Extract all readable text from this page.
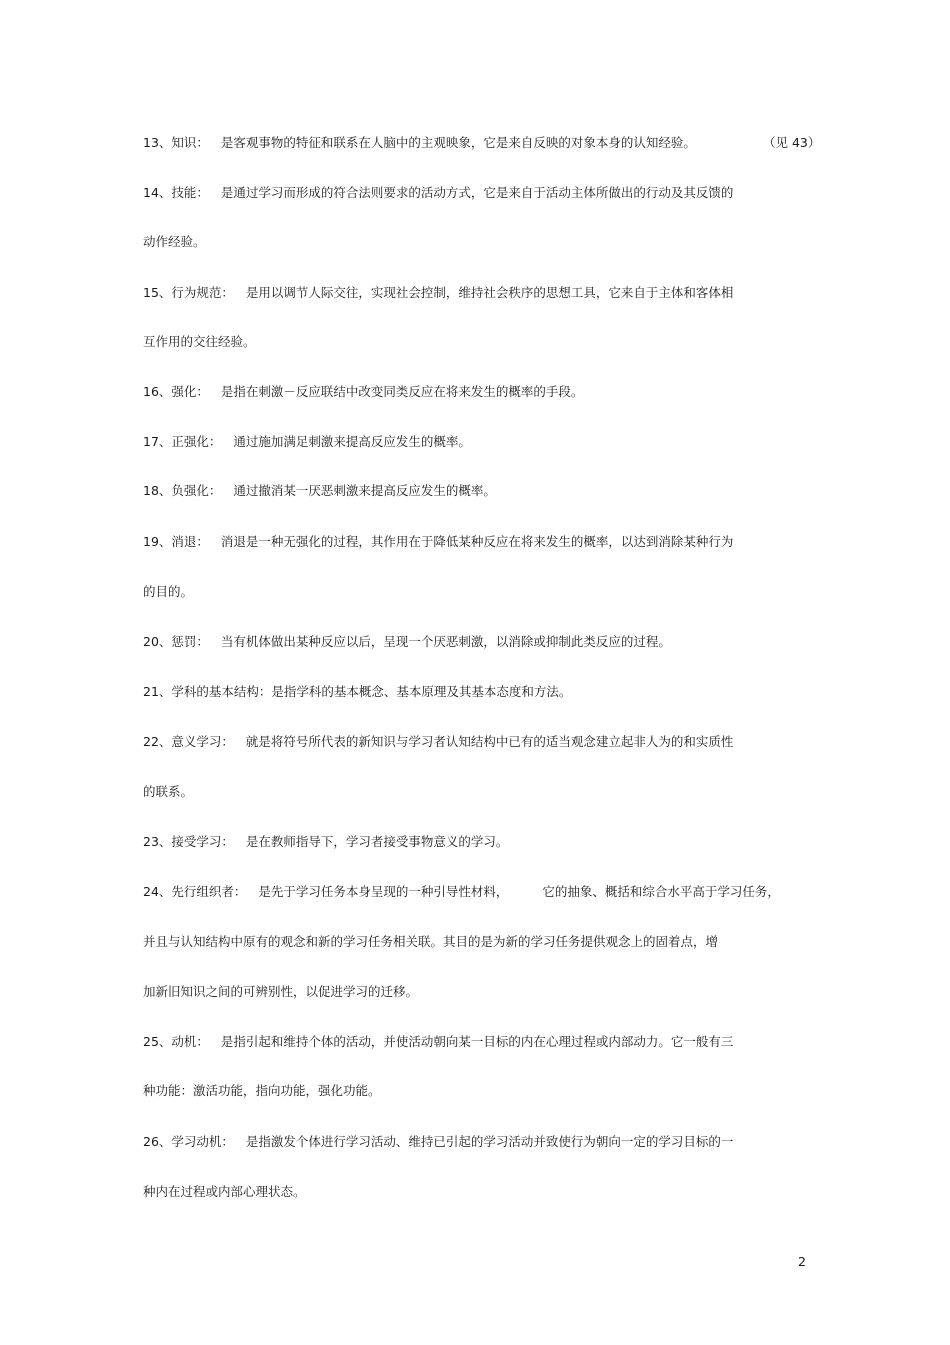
13、知识： 是客观事物的特征和联系在人脑中的主观映象，它是来自反映的对象本身的认知经验。	（见 43）
14、技能： 是通过学习而形成的符合法则要求的活动方式，它是来自于活动主体所做出的行动及其反馈的
动作经验。
15、行为规范： 是用以调节人际交往，实现社会控制，维持社会秩序的思想工具，它来自于主体和客体相
互作用的交往经验。
16、强化： 是指在刺激－反应联结中改变同类反应在将来发生的概率的手段。
17、正强化： 通过施加满足刺激来提高反应发生的概率。
18、负强化： 通过撤消某一厌恶刺激来提高反应发生的概率。
19、消退： 消退是一种无强化的过程，其作用在于降低某种反应在将来发生的概率，以达到消除某种行为
的目的。
20、惩罚： 当有机体做出某种反应以后，呈现一个厌恶刺激，以消除或抑制此类反应的过程。
21、学科的基本结构：是指学科的基本概念、基本原理及其基本态度和方法。
22、意义学习： 就是将符号所代表的新知识与学习者认知结构中已有的适当观念建立起非人为的和实质性
的联系。
23、接受学习： 是在教师指导下，学习者接受事物意义的学习。
24、先行组织者： 是先于学习任务本身呈现的一种引导性材料，	它的抽象、概括和综合水平高于学习任务，
并且与认知结构中原有的观念和新的学习任务相关联。其目的是为新的学习任务提供观念上的固着点，增
加新旧知识之间的可辨别性，以促进学习的迁移。
25、动机： 是指引起和维持个体的活动，并使活动朝向某一目标的内在心理过程或内部动力。它一般有三
种功能：激活功能，指向功能，强化功能。
26、学习动机： 是指激发个体进行学习活动、维持已引起的学习活动并致使行为朝向一定的学习目标的一
种内在过程或内部心理状态。
2
